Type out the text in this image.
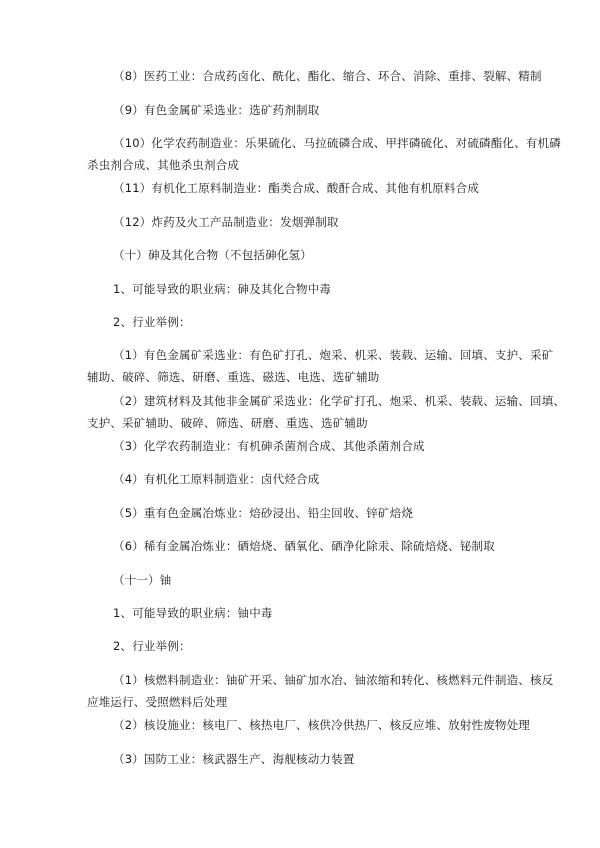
（8）医药工业：合成药卤化、酰化、酯化、缩合、环合、消除、重排、裂解、精制
（9）有色金属矿采选业：选矿药剂制取
（10）化学农药制造业：乐果硫化、马拉硫磷合成、甲拌磷硫化、对硫磷酯化、有机磷
杀虫剂合成、其他杀虫剂合成
（11）有机化工原料制造业：酯类合成、酸酐合成、其他有机原料合成
（12）炸药及火工产品制造业：发烟弹制取
（十）砷及其化合物（不包括砷化氢）
1、可能导致的职业病：砷及其化合物中毒
2、行业举例：
（1）有色金属矿采选业：有色矿打孔、炮采、机采、装载、运输、回填、支护、采矿
辅助、破碎、筛选、研磨、重选、磁选、电选、选矿辅助
（2）建筑材料及其他非金属矿采选业：化学矿打孔、炮采、机采、装载、运输、回填、
支护、采矿辅助、破碎、筛选、研磨、重选、选矿辅助
（3）化学农药制造业：有机砷杀菌剂合成、其他杀菌剂合成
（4）有机化工原料制造业：卤代烃合成
（5）重有色金属冶炼业：焙砂浸出、铅尘回收、锌矿焙烧
（6）稀有金属冶炼业：硒焙烧、硒氧化、硒净化除汞、除硫焙烧、铋制取
（十一）铀
1、可能导致的职业病：铀中毒
2、行业举例：
（1）核燃料制造业：铀矿开采、铀矿加水冶、铀浓缩和转化、核燃料元件制造、核反
应堆运行、受照燃料后处理
（2）核设施业：核电厂、核热电厂、核供冷供热厂、核反应堆、放射性废物处理
（3）国防工业：核武器生产、海舰核动力装置
